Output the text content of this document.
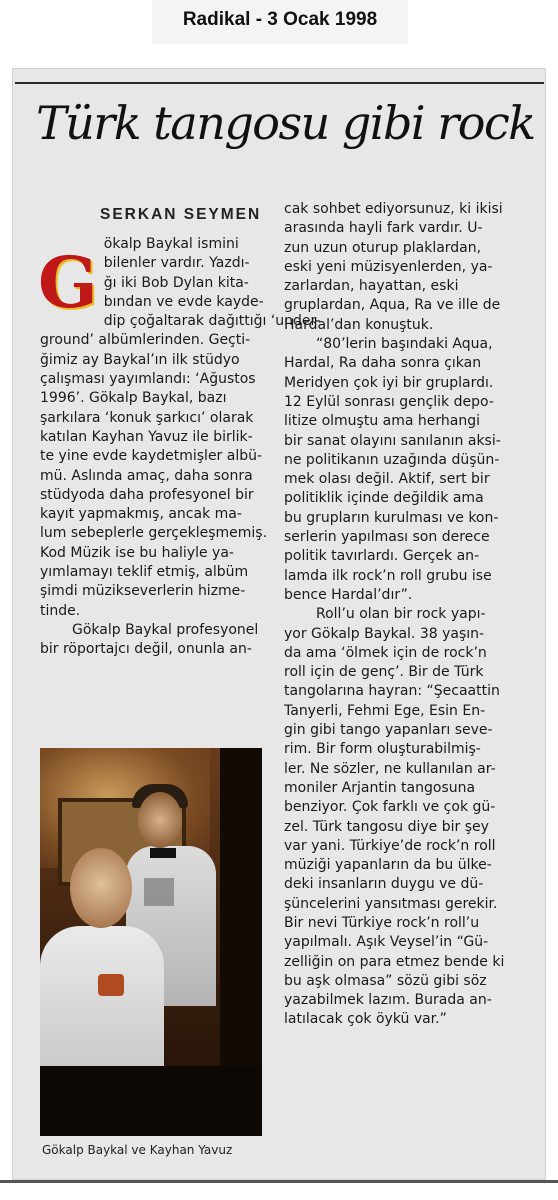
Radikal - 3 Ocak 1998
Türk tangosu gibi rock
SERKAN SEYMEN
G ökalp Baykal ismini
bilenler vardır. Yazdı-
ğı iki Bob Dylan kita-
bından ve evde kayde-
dip çoğaltarak dağıttığı ‘under-
ground’ albümlerinden. Geçti-
ğimiz ay Baykal’ın ilk stüdyo
çalışması yayımlandı: ‘Ağustos
1996’. Gökalp Baykal, bazı
şarkılara ‘konuk şarkıcı’ olarak
katılan Kayhan Yavuz ile birlik-
te yine evde kaydetmişler albü-
mü. Aslında amaç, daha sonra
stüdyoda daha profesyonel bir
kayıt yapmakmış, ancak ma-
lum sebeplerle gerçekleşmemiş.
Kod Müzik ise bu haliyle ya-
yımlamayı teklif etmiş, albüm
şimdi müzikseverlerin hizme-
tinde.
Gökalp Baykal profesyonel
bir röportajcı değil, onunla an-
cak sohbet ediyorsunuz, ki ikisi
arasında hayli fark vardır. U-
zun uzun oturup plaklardan,
eski yeni müzisyenlerden, ya-
zarlardan, hayattan, eski
gruplardan, Aqua, Ra ve ille de
Hardal’dan konuştuk.
“80’lerin başındaki Aqua,
Hardal, Ra daha sonra çıkan
Meridyen çok iyi bir gruplardı.
12 Eylül sonrası gençlik depo-
litize olmuştu ama herhangi
bir sanat olayını sanılanın aksi-
ne politikanın uzağında düşün-
mek olası değil. Aktif, sert bir
politiklik içinde değildik ama
bu grupların kurulması ve kon-
serlerin yapılması son derece
politik tavırlardı. Gerçek an-
lamda ilk rock’n roll grubu ise
bence Hardal’dır”.
Roll’u olan bir rock yapı-
yor Gökalp Baykal. 38 yaşın-
da ama ‘ölmek için de rock’n
roll için de genç’. Bir de Türk
tangolarına hayran: “Şecaattin
Tanyerli, Fehmi Ege, Esin En-
gin gibi tango yapanları seve-
rim. Bir form oluşturabilmiş-
ler. Ne sözler, ne kullanılan ar-
moniler Arjantin tangosuna
benziyor. Çok farklı ve çok gü-
zel. Türk tangosu diye bir şey
var yani. Türkiye’de rock’n roll
müziği yapanların da bu ülke-
deki insanların duygu ve dü-
şüncelerini yansıtması gerekir.
Bir nevi Türkiye rock’n roll’u
yapılmalı. Aşık Veysel’in “Gü-
zelliğin on para etmez bende ki
bu aşk olmasa” sözü gibi söz
yazabilmek lazım. Burada an-
latılacak çok öykü var.”
Gökalp Baykal ve Kayhan Yavuz
